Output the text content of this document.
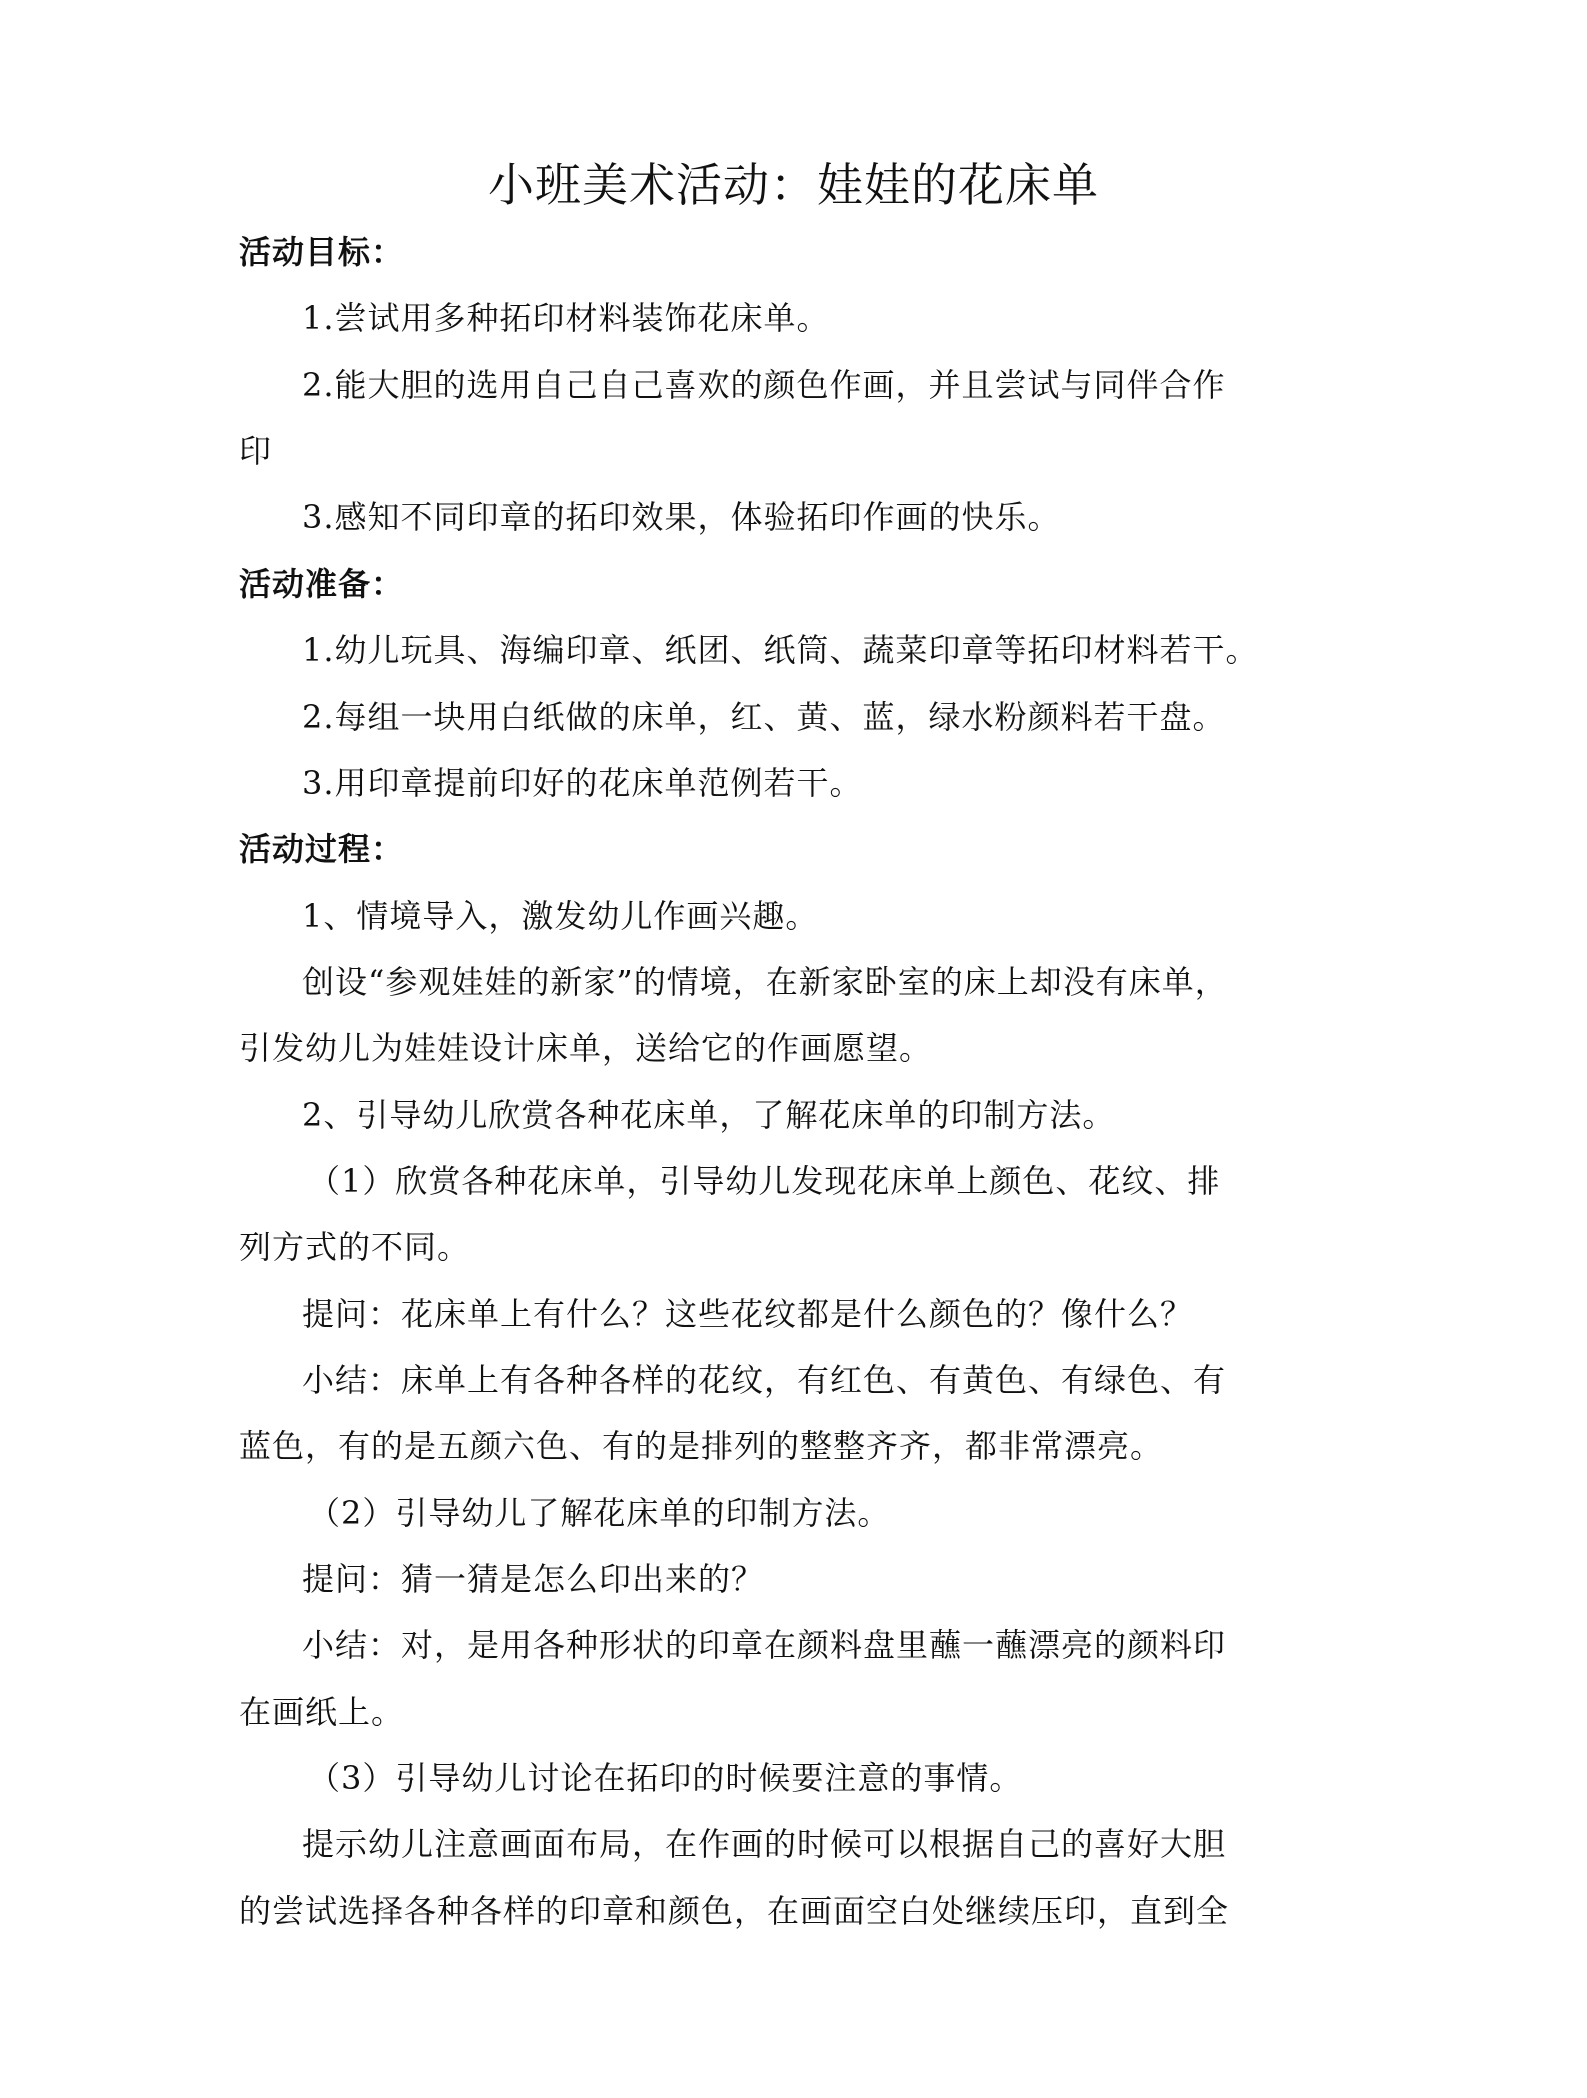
小班美术活动：娃娃的花床单
活动目标：
1.尝试用多种拓印材料装饰花床单。
2.能大胆的选用自己自己喜欢的颜色作画，并且尝试与同伴合作
印
3.感知不同印章的拓印效果，体验拓印作画的快乐。
活动准备：
1.幼儿玩具、海编印章、纸团、纸筒、蔬菜印章等拓印材料若干。
2.每组一块用白纸做的床单，红、黄、蓝，绿水粉颜料若干盘。
3.用印章提前印好的花床单范例若干。
活动过程：
1、情境导入，激发幼儿作画兴趣。
创设“参观娃娃的新家”的情境，在新家卧室的床上却没有床单，
引发幼儿为娃娃设计床单，送给它的作画愿望。
2、引导幼儿欣赏各种花床单，了解花床单的印制方法。
（1）欣赏各种花床单，引导幼儿发现花床单上颜色、花纹、排
列方式的不同。
提问：花床单上有什么？这些花纹都是什么颜色的？像什么？
小结：床单上有各种各样的花纹，有红色、有黄色、有绿色、有
蓝色，有的是五颜六色、有的是排列的整整齐齐，都非常漂亮。
（2）引导幼儿了解花床单的印制方法。
提问：猜一猜是怎么印出来的？
小结：对，是用各种形状的印章在颜料盘里蘸一蘸漂亮的颜料印
在画纸上。
（3）引导幼儿讨论在拓印的时候要注意的事情。
提示幼儿注意画面布局，在作画的时候可以根据自己的喜好大胆
的尝试选择各种各样的印章和颜色，在画面空白处继续压印，直到全
